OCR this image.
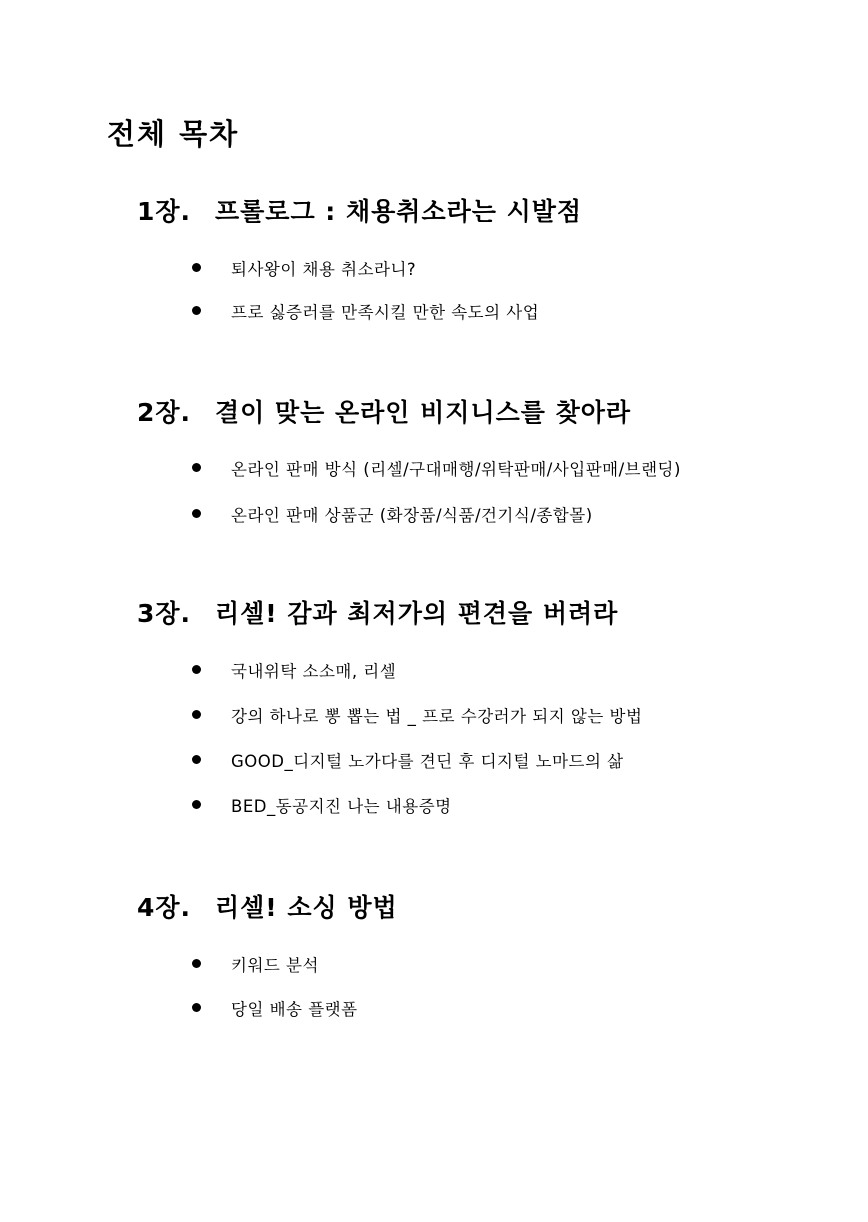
전체 목차
1장. 프롤로그 : 채용취소라는 시발점
퇴사왕이 채용 취소라니?
프로 싫증러를 만족시킬 만한 속도의 사업
2장. 결이 맞는 온라인 비지니스를 찾아라
온라인 판매 방식 (리셀/구대매행/위탁판매/사입판매/브랜딩)
온라인 판매 상품군 (화장품/식품/건기식/종합몰)
3장. 리셀! 감과 최저가의 편견을 버려라
국내위탁 소소매, 리셀
강의 하나로 뽕 뽑는 법 _ 프로 수강러가 되지 않는 방법
GOOD_디지털 노가다를 견딘 후 디지털 노마드의 삶
BED_동공지진 나는 내용증명
4장. 리셀! 소싱 방법
키워드 분석
당일 배송 플랫폼
